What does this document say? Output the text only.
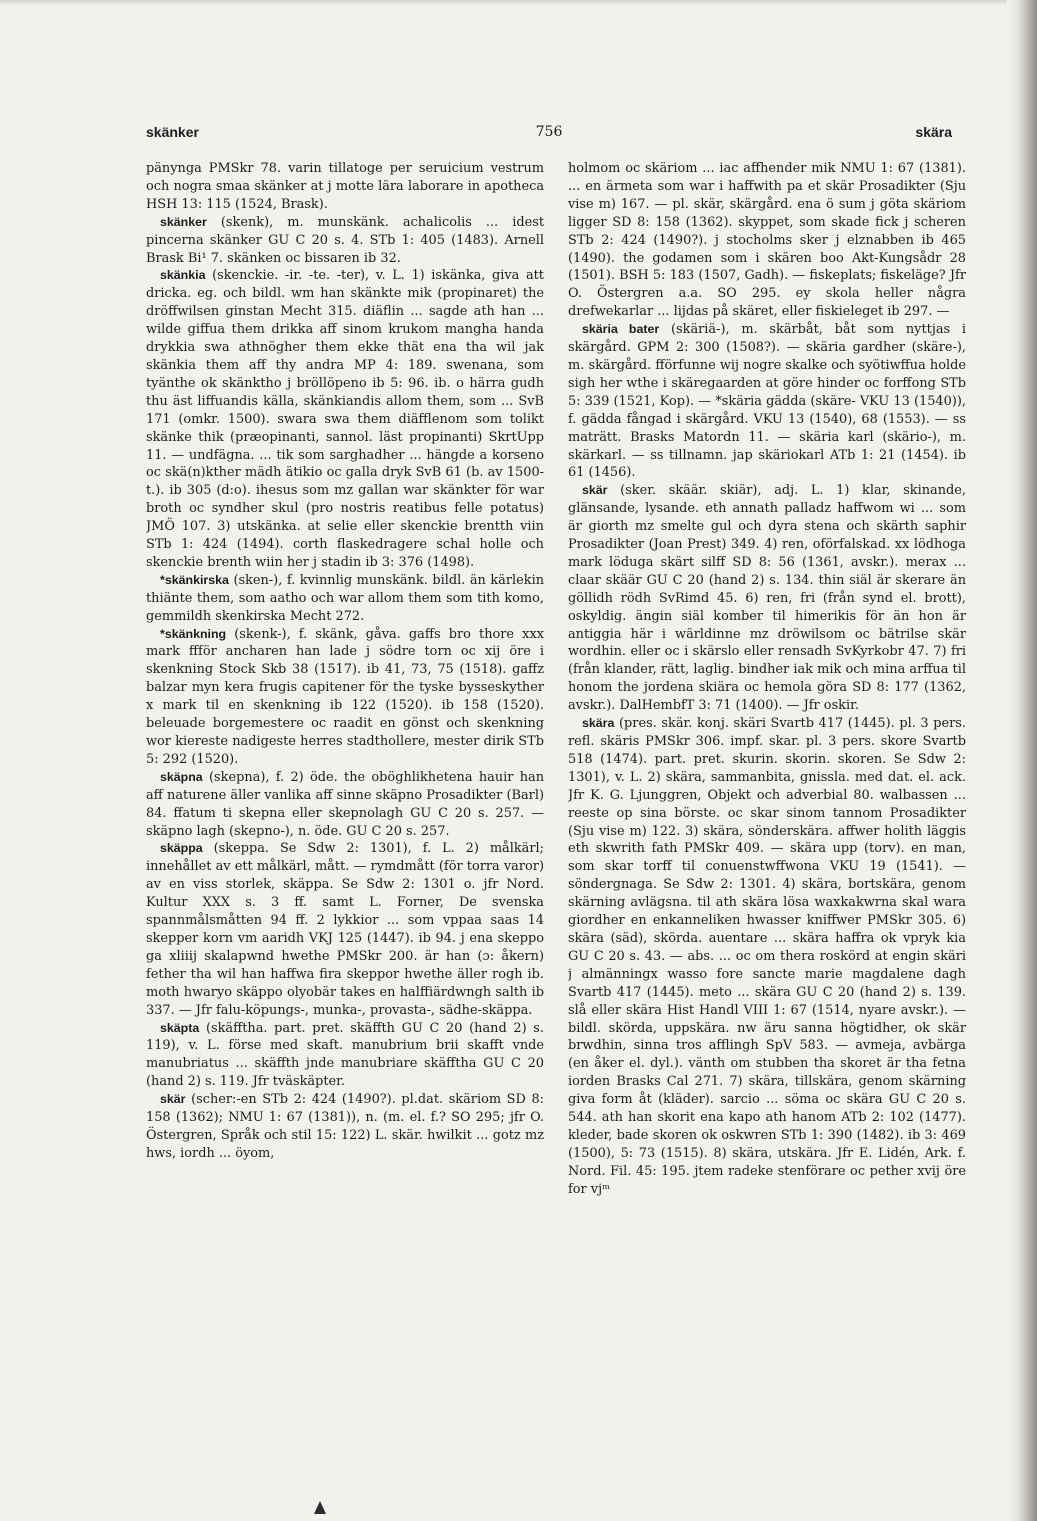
756
skänker	skära

pänynga PMSkr 78. varin tillatoge per seruicium vestrum och nogra smaa skänker at j motte lära laborare in apotheca HSH 13: 115 (1524, Brask).

skänker (skenk), m. munskänk. achalicolis ... idest pincerna skänker GU C 20 s. 4. STb 1: 405 (1483). Arnell Brask Bi¹ 7. skänken oc bissaren ib 32.

skänkia (skenckie. -ir. -te. -ter), v. L. 1) iskänka, giva att dricka. eg. och bildl. wm han skänkte mik (propinaret) the dröffwilsen ginstan Mecht 315. diäflin ... sagde ath han ... wilde giffua them drikka aff sinom krukom mangha handa drykkia swa athnögher them ekke thät ena tha wil jak skänkia them aff thy andra MP 4: 189. swenana, som tyänthe ok skänktho j bröllöpeno ib 5: 96. ib. o härra gudh thu äst liffuandis källa, skänkiandis allom them, som ... SvB 171 (omkr. 1500). swara swa them diäfflenom som tolikt skänke thik (præopinanti, sannol. läst propinanti) SkrtUpp 11. — undfägna. ... tik som sarghadher ... hängde a korseno oc skä(n)kther mädh ätikio oc galla dryk SvB 61 (b. av 1500-t.). ib 305 (d:o). ihesus som mz gallan war skänkter för war broth oc syndher skul (pro nostris reatibus felle potatus) JMÖ 107. 3) utskänka. at selie eller skenckie brentth viin STb 1: 424 (1494). corth flaskedragere schal holle och skenckie brenth wiin her j stadin ib 3: 376 (1498).

*skänkirska (sken-), f. kvinnlig munskänk. bildl. än kärlekin thiänte them, som aatho och war allom them som tith komo, gemmildh skenkirska Mecht 272.

*skänkning (skenk-), f. skänk, gåva. gaffs bro thore xxx mark ffför ancharen han lade j södre torn oc xij öre i skenkning Stock Skb 38 (1517). ib 41, 73, 75 (1518). gaffz balzar myn kera frugis capitener för the tyske bysseskyther x mark til en skenkning ib 122 (1520). ib 158 (1520). beleuade borgemestere oc raadit en gönst och skenkning wor kiereste nadigeste herres stadthollere, mester dirik STb 5: 292 (1520).

skäpna (skepna), f. 2) öde. the oböghlikhetena hauir han aff naturene äller vanlika aff sinne skäpno Prosadikter (Barl) 84. ffatum ti skepna eller skepnolagh GU C 20 s. 257. — skäpno lagh (skepno-), n. öde. GU C 20 s. 257.

skäppa (skeppa. Se Sdw 2: 1301), f. L. 2) målkärl; innehållet av ett målkärl, mått. — rymdmått (för torra varor) av en viss storlek, skäppa. Se Sdw 2: 1301 o. jfr Nord. Kultur XXX s. 3 ff. samt L. Forner, De svenska spannmålsmåtten 94 ff. 2 lykkior ... som vppaa saas 14 skepper korn vm aaridh VKJ 125 (1447). ib 94. j ena skeppo ga xliiij skalapwnd hwethe PMSkr 200. är han (ɔ: åkern) fether tha wil han haffwa fira skeppor hwethe äller rogh ib. moth hwaryo skäppo olyobär takes en halffiärdwngh salth ib 337. — Jfr falu-köpungs-, munka-, provasta-, sädhe-skäppa.

skäpta (skäfftha. part. pret. skäffth GU C 20 (hand 2) s. 119), v. L. förse med skaft. manubrium brii skafft vnde manubriatus ... skäffth jnde manubriare skäfftha GU C 20 (hand 2) s. 119. Jfr tväskäpter.

skär (scher:-en STb 2: 424 (1490?). pl.dat. skäriom SD 8: 158 (1362); NMU 1: 67 (1381)), n. (m. el. f.? SO 295; jfr O. Östergren, Språk och stil 15: 122) L. skär. hwilkit ... gotz mz hws, iordh ... öyom,

holmom oc skäriom ... iac affhender mik NMU 1: 67 (1381). ... en ärmeta som war i haffwith pa et skär Prosadikter (Sju vise m) 167. — pl. skär, skärgård. ena ö sum j göta skäriom ligger SD 8: 158 (1362). skyppet, som skade fick j scheren STb 2: 424 (1490?). j stocholms sker j elznabben ib 465 (1490). the godamen som i skären boo Akt-Kungsådr 28 (1501). BSH 5: 183 (1507, Gadh). — fiskeplats; fiskeläge? Jfr O. Östergren a.a. SO 295. ey skola heller några drefwekarlar ... lijdas på skäret, eller fiskieleget ib 297. —

skäria bater (skäriä-), m. skärbåt, båt som nyttjas i skärgård. GPM 2: 300 (1508?). — skäria gardher (skäre-), m. skärgård. fförfunne wij nogre skalke och syötiwffua holde sigh her wthe i skäregaarden at göre hinder oc forffong STb 5: 339 (1521, Kop). — *skäria gädda (skäre- VKU 13 (1540)), f. gädda fångad i skärgård. VKU 13 (1540), 68 (1553). — ss maträtt. Brasks Matordn 11. — skäria karl (skärio-), m. skärkarl. — ss tillnamn. jap skäriokarl ATb 1: 21 (1454). ib 61 (1456).

skär (sker. skäär. skiär), adj. L. 1) klar, skinande, glänsande, lysande. eth annath palladz haffwom wi ... som är giorth mz smelte gul och dyra stena och skärth saphir Prosadikter (Joan Prest) 349. 4) ren, oförfalskad. xx lödhoga mark löduga skärt silff SD 8: 56 (1361, avskr.). merax ... claar skäär GU C 20 (hand 2) s. 134. thin siäl är skerare än göllidh rödh SvRimd 45. 6) ren, fri (från synd el. brott), oskyldig. ängin siäl komber til himerikis för än hon är antiggia här i wärldinne mz dröwilsom oc bätrilse skär wordhin. eller oc i skärslo eller rensadh SvKyrkobr 47. 7) fri (från klander, rätt, laglig. bindher iak mik och mina arffua til honom the jordena skiära oc hemola göra SD 8: 177 (1362, avskr.). DalHembfT 3: 71 (1400). — Jfr oskir.

skära (pres. skär. konj. skäri Svartb 417 (1445). pl. 3 pers. refl. skäris PMSkr 306. impf. skar. pl. 3 pers. skore Svartb 518 (1474). part. pret. skurin. skorin. skoren. Se Sdw 2: 1301), v. L. 2) skära, sammanbita, gnissla. med dat. el. ack. Jfr K. G. Ljunggren, Objekt och adverbial 80. walbassen ... reeste op sina börste. oc skar sinom tannom Prosadikter (Sju vise m) 122. 3) skära, sönderskära. affwer holith läggis eth skwrith fath PMSkr 409. — skära upp (torv). en man, som skar torff til conuenstwffwona VKU 19 (1541). — söndergnaga. Se Sdw 2: 1301. 4) skära, bortskära, genom skärning avlägsna. til ath skära lösa waxkakwrna skal wara giordher en enkanneliken hwasser kniffwer PMSkr 305. 6) skära (säd), skörda. auentare ... skära haffra ok vpryk kia GU C 20 s. 43. — abs. ... oc om thera roskörd at engin skäri j almänningx wasso fore sancte marie magdalene dagh Svartb 417 (1445). meto ... skära GU C 20 (hand 2) s. 139. slå eller skära Hist Handl VIII 1: 67 (1514, nyare avskr.). — bildl. skörda, uppskära. nw äru sanna högtidher, ok skär brwdhin, sinna tros afflingh SpV 583. — avmeja, avbärga (en åker el. dyl.). vänth om stubben tha skoret är tha fetna iorden Brasks Cal 271. 7) skära, tillskära, genom skärning giva form åt (kläder). sarcio ... söma oc skära GU C 20 s. 544. ath han skorit ena kapo ath hanom ATb 2: 102 (1477). kleder, bade skoren ok oskwren STb 1: 390 (1482). ib 3: 469 (1500), 5: 73 (1515). 8) skära, utskära. Jfr E. Lidén, Ark. f. Nord. Fil. 45: 195. jtem radeke stenförare oc pether xvij öre for vjᵐ
